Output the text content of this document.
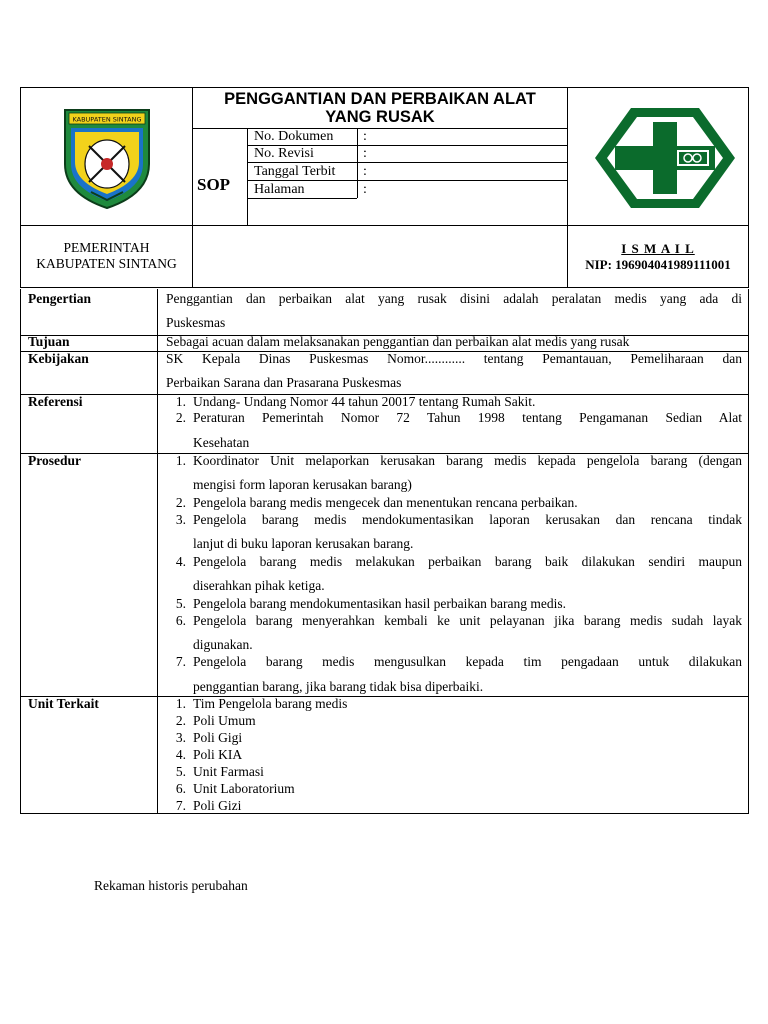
KABUPATEN SINTANG
PENGGANTIAN DAN PERBAIKAN ALAT
YANG RUSAK
SOP
No. Dokumen :
No. Revisi	:
Tanggal Terbit :
Halaman	:
PEMERINTAH
KABUPATEN SINTANG
I S M A I L
NIP: 196904041989111001
Pengertian	Penggantian dan perbaikan alat yang rusak disini adalah peralatan medis yang ada di
Puskesmas
Tujuan	Sebagai acuan dalam melaksanakan penggantian dan perbaikan alat medis yang rusak
Kebijakan	SK Kepala Dinas Puskesmas Nomor............ tentang Pemantauan, Pemeliharaan dan
Perbaikan Sarana dan Prasarana Puskesmas
Referensi	1. Undang- Undang Nomor 44 tahun 20017 tentang Rumah Sakit.
2. Peraturan Pemerintah Nomor 72 Tahun 1998 tentang Pengamanan Sedian Alat
Kesehatan
Prosedur	1. Koordinator Unit melaporkan kerusakan barang medis kepada pengelola barang (dengan
mengisi form laporan kerusakan barang)
2. Pengelola barang medis mengecek dan menentukan rencana perbaikan.
3. Pengelola barang medis mendokumentasikan laporan kerusakan dan rencana tindak
lanjut di buku laporan kerusakan barang.
4. Pengelola barang medis melakukan perbaikan barang baik dilakukan sendiri maupun
diserahkan pihak ketiga.
5. Pengelola barang mendokumentasikan hasil perbaikan barang medis.
6. Pengelola barang menyerahkan kembali ke unit pelayanan jika barang medis sudah layak
digunakan.
7. Pengelola barang medis mengusulkan kepada tim pengadaan untuk dilakukan
penggantian barang, jika barang tidak bisa diperbaiki.
Unit Terkait	1. Tim Pengelola barang medis
2. Poli Umum
3. Poli Gigi
4. Poli KIA
5. Unit Farmasi
6. Unit Laboratorium
7. Poli Gizi
Rekaman historis perubahan
